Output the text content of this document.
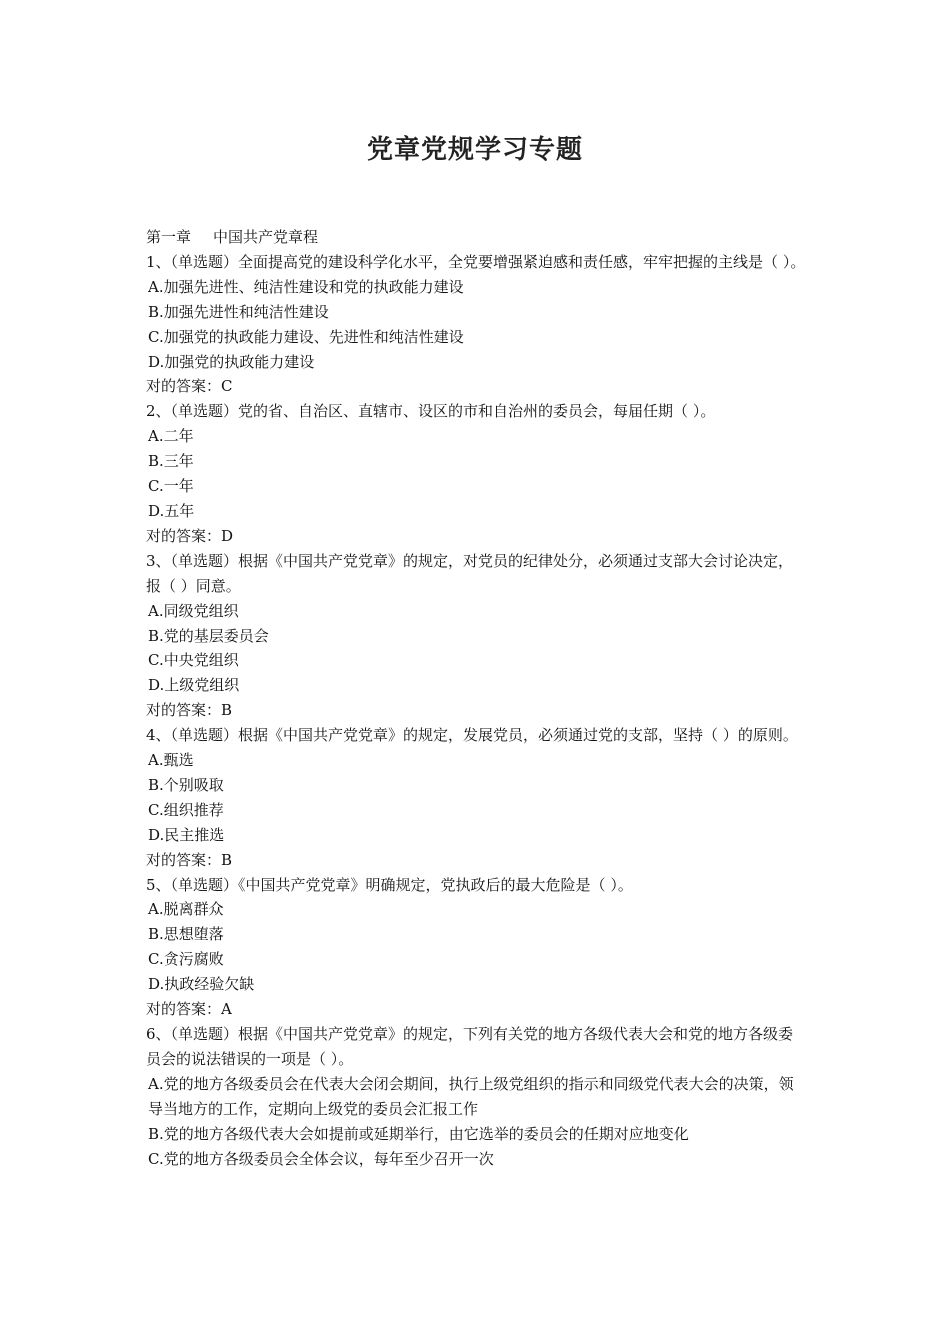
党章党规学习专题

第一章 中国共产党章程

1、（单选题）全面提高党的建设科学化水平，全党要增强紧迫感和责任感，牢牢把握的主线是（ ）。

A.加强先进性、纯洁性建设和党的执政能力建设

B.加强先进性和纯洁性建设

C.加强党的执政能力建设、先进性和纯洁性建设

D.加强党的执政能力建设

对的答案：C

2、（单选题）党的省、自治区、直辖市、设区的市和自治州的委员会，每届任期（ ）。

A.二年

B.三年

C.一年

D.五年

对的答案：D

3、（单选题）根据《中国共产党党章》的规定，对党员的纪律处分，必须通过支部大会讨论决定，报（ ）同意。

A.同级党组织

B.党的基层委员会

C.中央党组织

D.上级党组织

对的答案：B

4、（单选题）根据《中国共产党党章》的规定，发展党员，必须通过党的支部，坚持（ ）的原则。

A.甄选

B.个别吸取

C.组织推荐

D.民主推选

对的答案：B

5、（单选题）《中国共产党党章》明确规定，党执政后的最大危险是（ ）。

A.脱离群众

B.思想堕落

C.贪污腐败

D.执政经验欠缺

对的答案：A

6、（单选题）根据《中国共产党党章》的规定，下列有关党的地方各级代表大会和党的地方各级委员会的说法错误的一项是（ ）。

A.党的地方各级委员会在代表大会闭会期间，执行上级党组织的指示和同级党代表大会的决策，领导当地方的工作，定期向上级党的委员会汇报工作

B.党的地方各级代表大会如提前或延期举行，由它选举的委员会的任期对应地变化

C.党的地方各级委员会全体会议，每年至少召开一次
